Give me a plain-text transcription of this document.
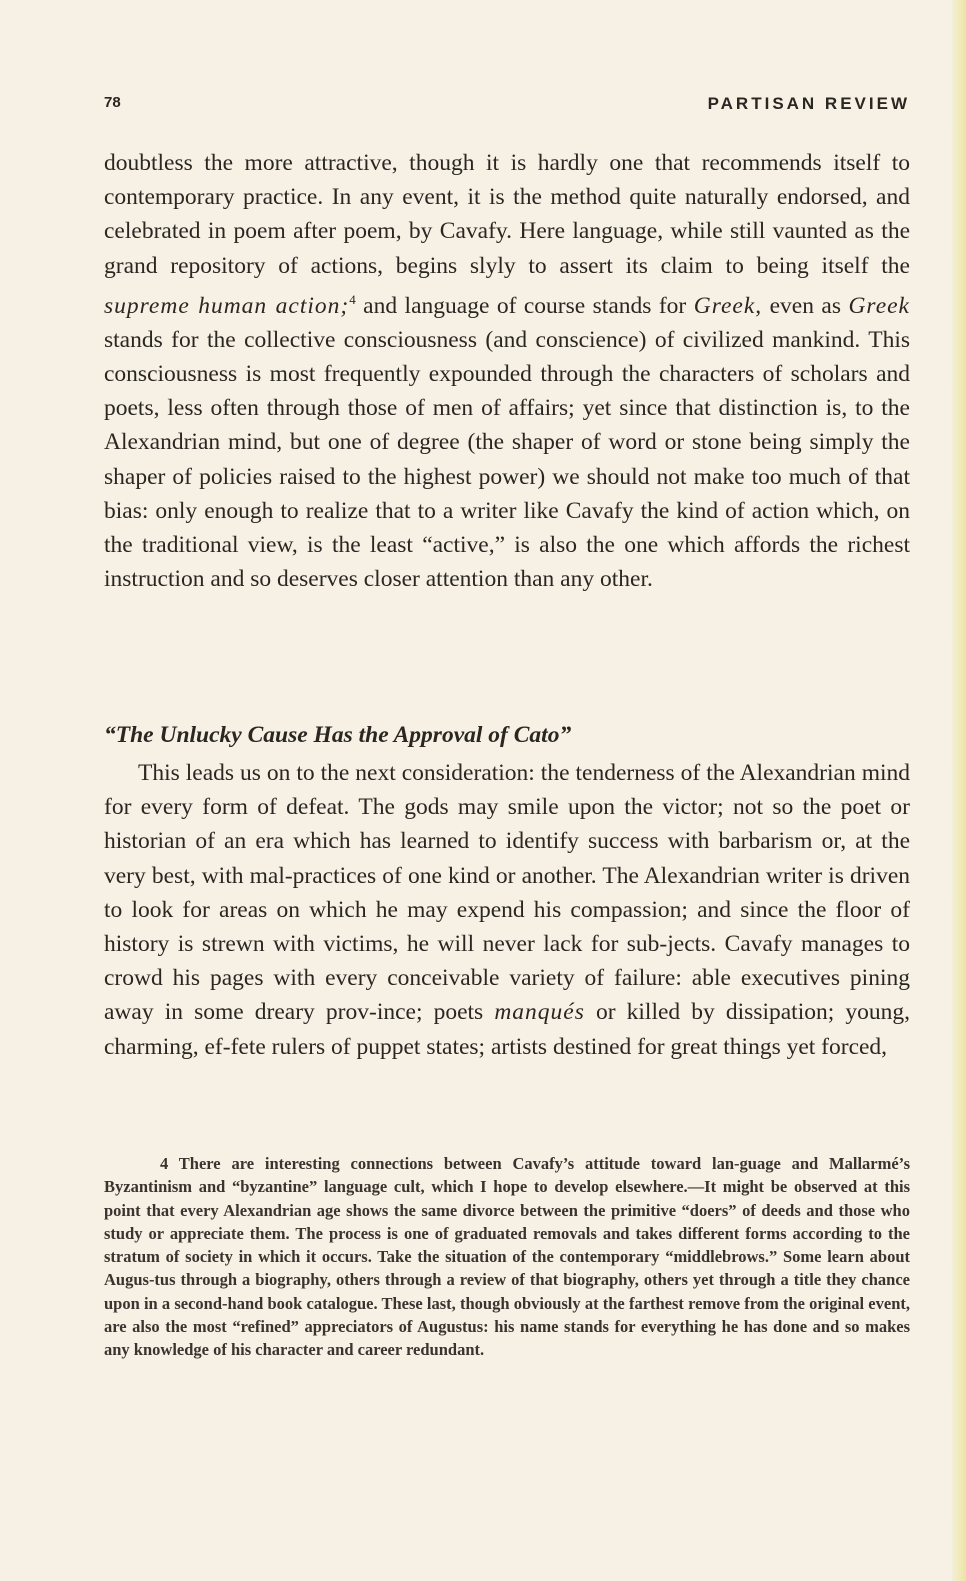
78	PARTISAN REVIEW

doubtless the more attractive, though it is hardly one that recommends itself to contemporary practice. In any event, it is the method quite naturally endorsed, and celebrated in poem after poem, by Cavafy. Here language, while still vaunted as the grand repository of actions, begins slyly to assert its claim to being itself the supreme human action;$^4$ and language of course stands for Greek, even as Greek stands for the collective consciousness (and conscience) of civilized mankind. This consciousness is most frequently expounded through the characters of scholars and poets, less often through those of men of affairs; yet since that distinction is, to the Alexandrian mind, but one of degree (the shaper of word or stone being simply the shaper of policies raised to the highest power) we should not make too much of that bias: only enough to realize that to a writer like Cavafy the kind of action which, on the traditional view, is the least “active,” is also the one which affords the richest instruction and so deserves closer attention than any other.

“The Unlucky Cause Has the Approval of Cato”

This leads us on to the next consideration: the tenderness of the Alexandrian mind for every form of defeat. The gods may smile upon the victor; not so the poet or historian of an era which has learned to identify success with barbarism or, at the very best, with mal-practices of one kind or another. The Alexandrian writer is driven to look for areas on which he may expend his compassion; and since the floor of history is strewn with victims, he will never lack for sub-jects. Cavafy manages to crowd his pages with every conceivable variety of failure: able executives pining away in some dreary prov-ince; poets manqués or killed by dissipation; young, charming, ef-fete rulers of puppet states; artists destined for great things yet forced,

4 There are interesting connections between Cavafy’s attitude toward lan-guage and Mallarmé’s Byzantinism and “byzantine” language cult, which I hope to develop elsewhere.—It might be observed at this point that every Alexandrian age shows the same divorce between the primitive “doers” of deeds and those who study or appreciate them. The process is one of graduated removals and takes different forms according to the stratum of society in which it occurs. Take the situation of the contemporary “middlebrows.” Some learn about Augus-tus through a biography, others through a review of that biography, others yet through a title they chance upon in a second-hand book catalogue. These last, though obviously at the farthest remove from the original event, are also the most “refined” appreciators of Augustus: his name stands for everything he has done and so makes any knowledge of his character and career redundant.
